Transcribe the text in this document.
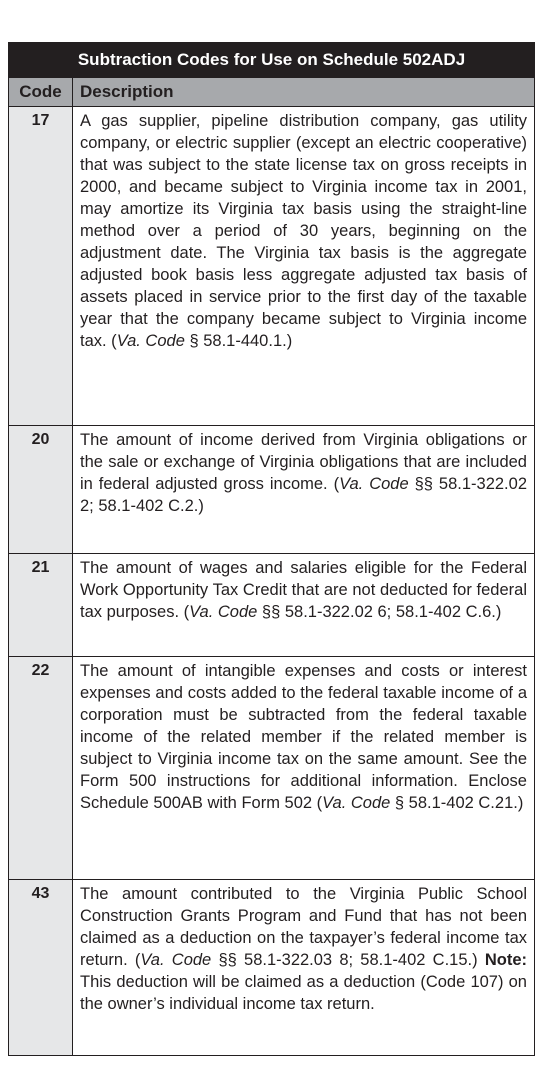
Subtraction Codes for Use on Schedule 502ADJ
Code	Description
17	A gas supplier, pipeline distribution company, gas utility company, or electric supplier (except an electric cooperative) that was subject to the state license tax on gross receipts in 2000, and became subject to Virginia income tax in 2001, may amortize its Virginia tax basis using the straight-line method over a period of 30 years, beginning on the adjustment date. The Virginia tax basis is the aggregate adjusted book basis less aggregate adjusted tax basis of assets placed in service prior to the first day of the taxable year that the company became subject to Virginia income tax. (Va. Code § 58.1-440.1.)
20	The amount of income derived from Virginia obligations or the sale or exchange of Virginia obligations that are included in federal adjusted gross income. (Va. Code §§ 58.1-322.02 2; 58.1-402 C.2.)
21	The amount of wages and salaries eligible for the Federal Work Opportunity Tax Credit that are not deducted for federal tax purposes. (Va. Code §§ 58.1-322.02 6; 58.1-402 C.6.)
22	The amount of intangible expenses and costs or interest expenses and costs added to the federal taxable income of a corporation must be subtracted from the federal taxable income of the related member if the related member is subject to Virginia income tax on the same amount. See the Form 500 instructions for additional information. Enclose Schedule 500AB with Form 502 (Va. Code § 58.1-402 C.21.)
43	The amount contributed to the Virginia Public School Construction Grants Program and Fund that has not been claimed as a deduction on the taxpayer’s federal income tax return. (Va. Code §§ 58.1-322.03 8; 58.1-402 C.15.) Note: This deduction will be claimed as a deduction (Code 107) on the owner’s individual income tax return.
